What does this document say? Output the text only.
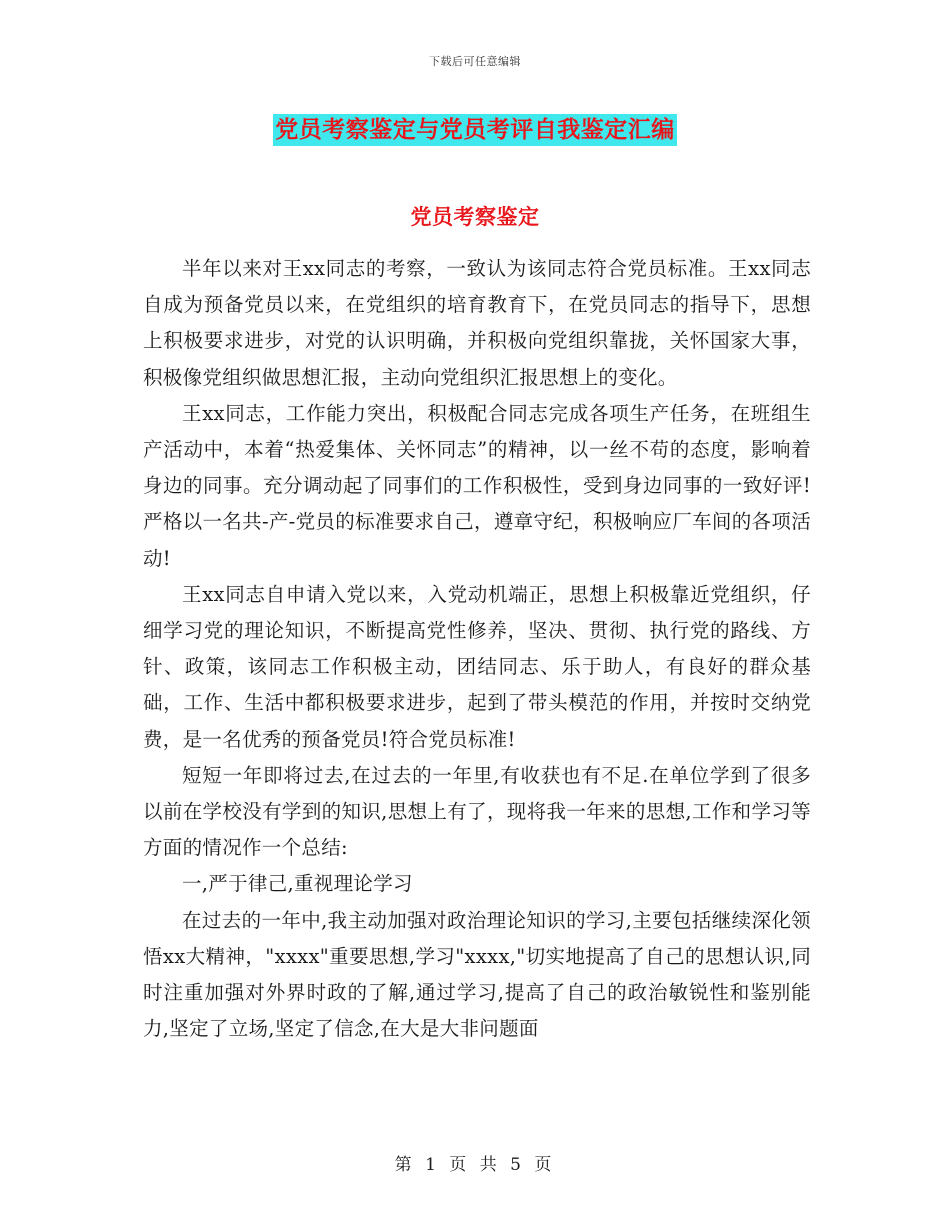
下载后可任意编辑
党员考察鉴定与党员考评自我鉴定汇编
党员考察鉴定

半年以来对王xx同志的考察，一致认为该同志符合党员标准。王xx同志自成为预备党员以来，在党组织的培育教育下，在党员同志的指导下，思想上积极要求进步，对党的认识明确，并积极向党组织靠拢，关怀国家大事，积极像党组织做思想汇报，主动向党组织汇报思想上的变化。

王xx同志，工作能力突出，积极配合同志完成各项生产任务，在班组生产活动中，本着“热爱集体、关怀同志”的精神，以一丝不苟的态度，影响着身边的同事。充分调动起了同事们的工作积极性，受到身边同事的一致好评!严格以一名共-产-党员的标准要求自己，遵章守纪，积极响应厂车间的各项活动!

王xx同志自申请入党以来，入党动机端正，思想上积极靠近党组织，仔细学习党的理论知识，不断提高党性修养，坚决、贯彻、执行党的路线、方针、政策，该同志工作积极主动，团结同志、乐于助人，有良好的群众基础，工作、生活中都积极要求进步，起到了带头模范的作用，并按时交纳党费，是一名优秀的预备党员!符合党员标准!

短短一年即将过去,在过去的一年里,有收获也有不足.在单位学到了很多以前在学校没有学到的知识,思想上有了，现将我一年来的思想,工作和学习等方面的情况作一个总结:

一,严于律己,重视理论学习

在过去的一年中,我主动加强对政治理论知识的学习,主要包括继续深化领悟xx大精神，"xxxx"重要思想,学习"xxxx,"切实地提高了自己的思想认识,同时注重加强对外界时政的了解,通过学习,提高了自己的政治敏锐性和鉴别能力,坚定了立场,坚定了信念,在大是大非问题面

第 1 页 共 5 页
